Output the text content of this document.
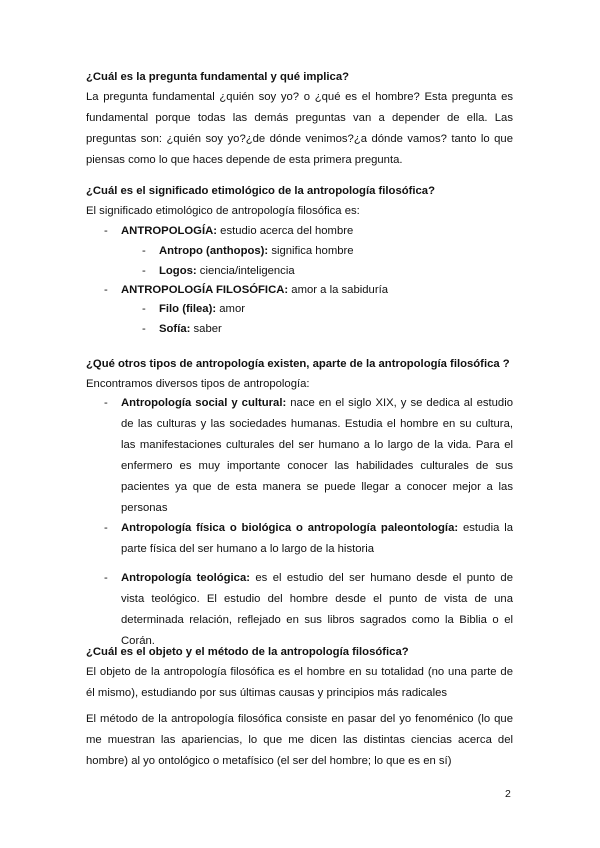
¿Cuál es la pregunta fundamental y qué implica?

La pregunta fundamental ¿quién soy yo? o ¿qué es el hombre? Esta pregunta es fundamental porque todas las demás preguntas van a depender de ella. Las preguntas son: ¿quién soy yo?¿de dónde venimos?¿a dónde vamos? tanto lo que piensas como lo que haces depende de esta primera pregunta.

¿Cuál es el significado etimológico de la antropología filosófica?

El significado etimológico de antropología filosófica es:

- ANTROPOLOGÍA: estudio acerca del hombre
- Antropo (anthopos): significa hombre
- Logos: ciencia/inteligencia
- ANTROPOLOGÍA FILOSÓFICA: amor a la sabiduría
- Filo (filea): amor
- Sofía: saber

¿Qué otros tipos de antropología existen, aparte de la antropología filosófica ?

Encontramos diversos tipos de antropología:

- Antropología social y cultural: nace en el siglo XIX, y se dedica al estudio de las culturas y las sociedades humanas. Estudia el hombre en su cultura, las manifestaciones culturales del ser humano a lo largo de la vida. Para el enfermero es muy importante conocer las habilidades culturales de sus pacientes ya que de esta manera se puede llegar a conocer mejor a las personas
- Antropología física o biológica o antropología paleontología: estudia la parte física del ser humano a lo largo de la historia
- Antropología teológica: es el estudio del ser humano desde el punto de vista teológico. El estudio del hombre desde el punto de vista de una determinada relación, reflejado en sus libros sagrados como la Biblia o el Corán.

¿Cuál es el objeto y el método de la antropología filosófica?

El objeto de la antropología filosófica es el hombre en su totalidad (no una parte de él mismo), estudiando por sus últimas causas y principios más radicales

El método de la antropología filosófica consiste en pasar del yo fenoménico (lo que me muestran las apariencias, lo que me dicen las distintas ciencias acerca del hombre) al yo ontológico o metafísico (el ser del hombre; lo que es en sí)

2
